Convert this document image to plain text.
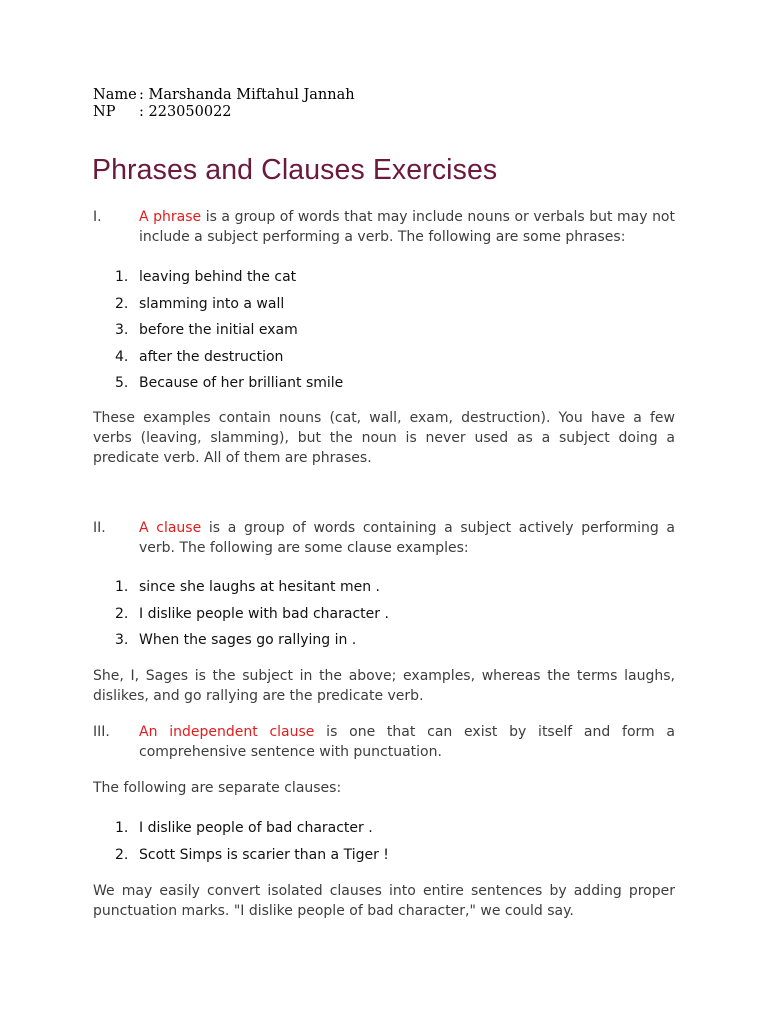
Name : Marshanda Miftahul Jannah
NP	: 223050022
Phrases and Clauses Exercises
I.	A phrase is a group of words that may include nouns or verbals but may not include a subject performing a verb. The following are some phrases:
1. leaving behind the cat
2. slamming into a wall
3. before the initial exam
4. after the destruction
5. Because of her brilliant smile

These examples contain nouns (cat, wall, exam, destruction). You have a few verbs (leaving, slamming), but the noun is never used as a subject doing a predicate verb. All of them are phrases.

II. A clause is a group of words containing a subject actively performing a verb. The following are some clause examples:
1. since she laughs at hesitant men .
2. I dislike people with bad character .
3. When the sages go rallying in .

She, I, Sages is the subject in the above; examples, whereas the terms laughs, dislikes, and go rallying are the predicate verb.

III. An independent clause is one that can exist by itself and form a comprehensive sentence with punctuation.

The following are separate clauses:

1. I dislike people of bad character .
2. Scott Simps is scarier than a Tiger !

We may easily convert isolated clauses into entire sentences by adding proper punctuation marks. "I dislike people of bad character," we could say.
